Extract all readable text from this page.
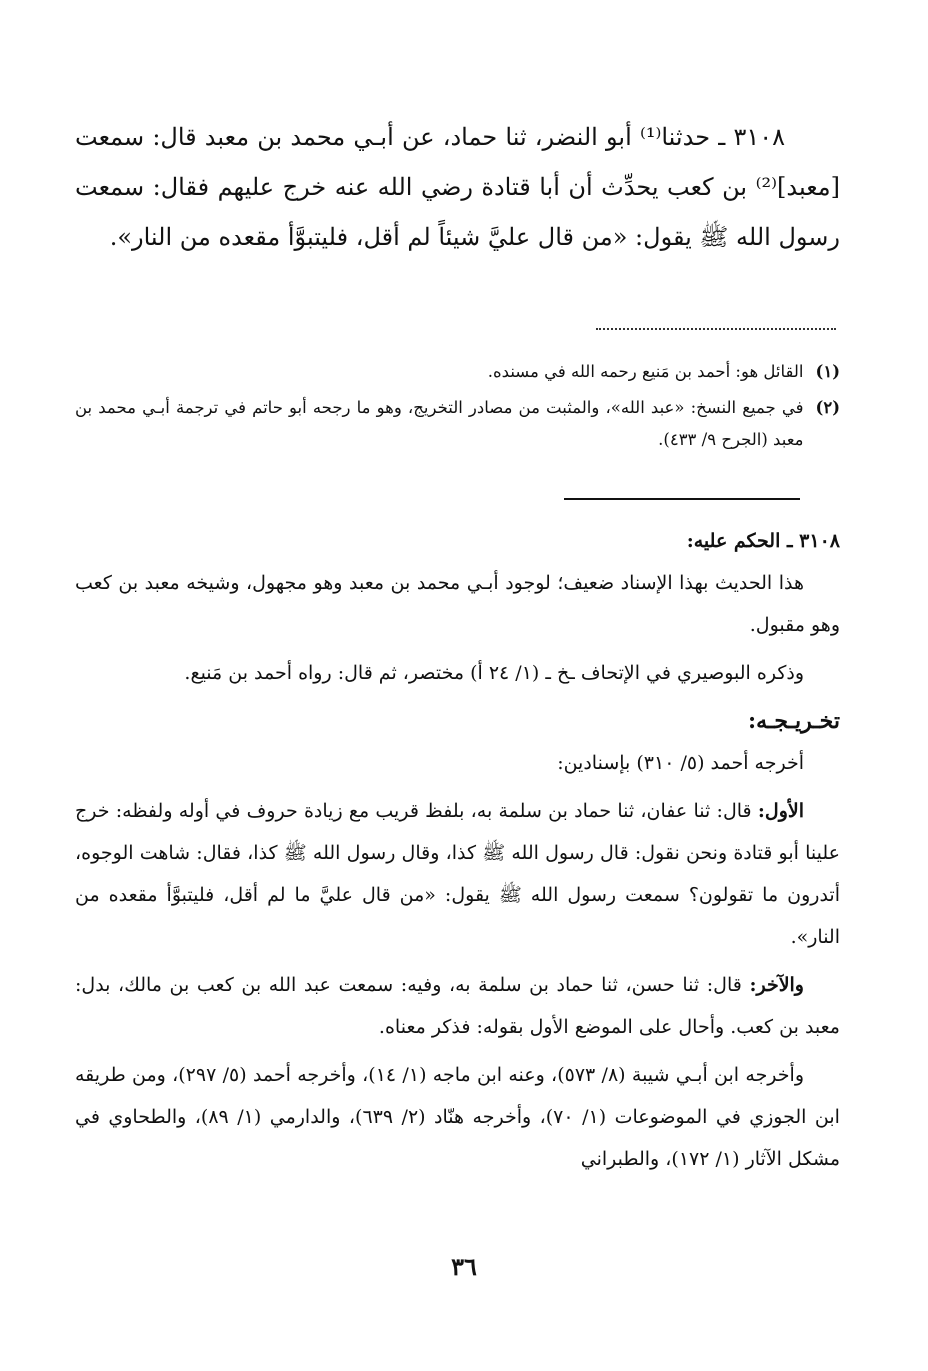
٣١٠٨ ـ حدثنا⁽¹⁾ أبو النضر، ثنا حماد، عن أبـي محمد بن معبد قال: سمعت [معبد]⁽²⁾ بن كعب يحدِّث أن أبا قتادة رضي الله عنه خرج عليهم فقال: سمعت رسول الله ﷺ يقول: «من قال عليَّ شيئاً لم أقل، فليتبوَّأ مقعده من النار».

(١)
القائل هو: أحمد بن مَنيع رحمه الله في مسنده.
(٢)
في جميع النسخ: «عبد الله»، والمثبت من مصادر التخريج، وهو ما رجحه أبو حاتم في ترجمة أبـي محمد بن معبد (الجرح ٩/ ٤٣٣).

٣١٠٨ ـ الحكم عليه:

هذا الحديث بهذا الإسناد ضعيف؛ لوجود أبـي محمد بن معبد وهو مجهول، وشيخه معبد بن كعب وهو مقبول.

وذكره البوصيري في الإتحاف ـخ ـ (١/ ٢٤ أ) مختصر، ثم قال: رواه أحمد بن مَنيع.

تخـريـجـه:

أخرجه أحمد (٥/ ٣١٠) بإسنادين:

الأول: قال: ثنا عفان، ثنا حماد بن سلمة به، بلفظ قريب مع زيادة حروف في أوله ولفظه: خرج علينا أبو قتادة ونحن نقول: قال رسول الله ﷺ كذا، وقال رسول الله ﷺ كذا، فقال: شاهت الوجوه، أتدرون ما تقولون؟ سمعت رسول الله ﷺ يقول: «من قال عليَّ ما لم أقل، فليتبوَّأ مقعده من النار».

والآخر: قال: ثنا حسن، ثنا حماد بن سلمة به، وفيه: سمعت عبد الله بن كعب بن مالك، بدل: معبد بن كعب. وأحال على الموضع الأول بقوله: فذكر معناه.

وأخرجه ابن أبـي شيبة (٨/ ٥٧٣)، وعنه ابن ماجه (١/ ١٤)، وأخرجه أحمد (٥/ ٢٩٧)، ومن طريقه ابن الجوزي في الموضوعات (١/ ٧٠)، وأخرجه هنّاد (٢/ ٦٣٩)، والدارمي (١/ ٨٩)، والطحاوي في مشكل الآثار (١/ ١٧٢)، والطبراني

٣٦
